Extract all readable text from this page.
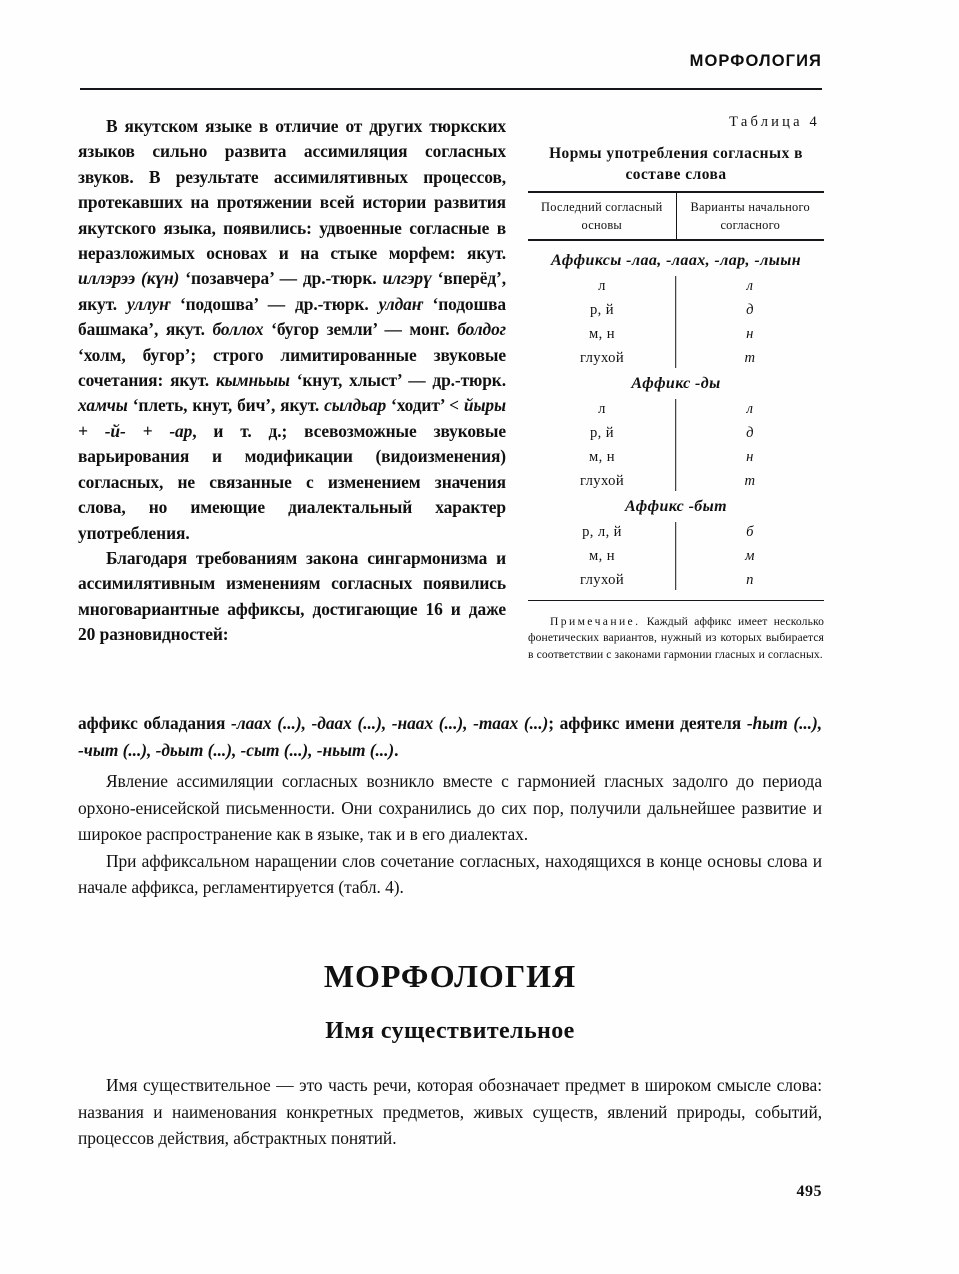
МОРФОЛОГИЯ

В якутском языке в отличие от других тюркских языков сильно развита ассимиляция согласных звуков. В результате ассимилятивных процессов, протекавших на протяжении всей истории развития якутского языка, появились: удвоенные согласные в неразложимых основах и на стыке морфем: якут. иллэрээ (күн) ‘позавчера’ — др.-тюрк. илгэрү ‘вперёд’, якут. уллуҥ ‘подошва’ — др.-тюрк. улдаҥ ‘подошва башмака’, якут. боллох ‘бугор земли’ — монг. болдог ‘холм, бугор’; строго лимитированные звуковые сочетания: якут. кымньыы ‘кнут, хлыст’ — др.-тюрк. хамчы ‘плеть, кнут, бич’, якут. сылдьар ‘ходит’ < йыры + -й- + -ар, и т. д.; всевозможные звуковые варьирования и модификации (видоизменения) согласных, не связанные с изменением значения слова, но имеющие диалектальный характер употребления.

Благодаря требованиям закона сингармонизма и ассимилятивным изменениям согласных появились многовариантные аффиксы, достигающие 16 и даже 20 разновидностей:

Таблица 4
Нормы употребления согласных в составе слова
Последний согласный основы
Варианты начального согласного
Аффиксы -лаа, -лаах, -лар, -лыын
л	л
р, й	д
м, н	н
глухой	т
Аффикс -ды
л	л
р, й	д
м, н	н
глухой	т
Аффикс -быт
р, л, й	б
м, н	м
глухой	п
Примечание. Каждый аффикс имеет несколько фонетических вариантов, нужный из которых выбирается в соответствии с законами гармонии гласных и согласных.

аффикс обладания -лаах (...), -даах (...), -наах (...), -таах (...); аффикс имени деятеля -һыт (...), -чыт (...), -дьыт (...), -сыт (...), -ньыт (...).

Явление ассимиляции согласных возникло вместе с гармонией гласных задолго до периода орхоно-енисейской письменности. Они сохранились до сих пор, получили дальнейшее развитие и широкое распространение как в языке, так и в его диалектах.

При аффиксальном наращении слов сочетание согласных, находящихся в конце основы слова и начале аффикса, регламентируется (табл. 4).

МОРФОЛОГИЯ
Имя существительное

Имя существительное — это часть речи, которая обозначает предмет в широком смысле слова: названия и наименования конкретных предметов, живых существ, явлений природы, событий, процессов действия, абстрактных понятий.

495
